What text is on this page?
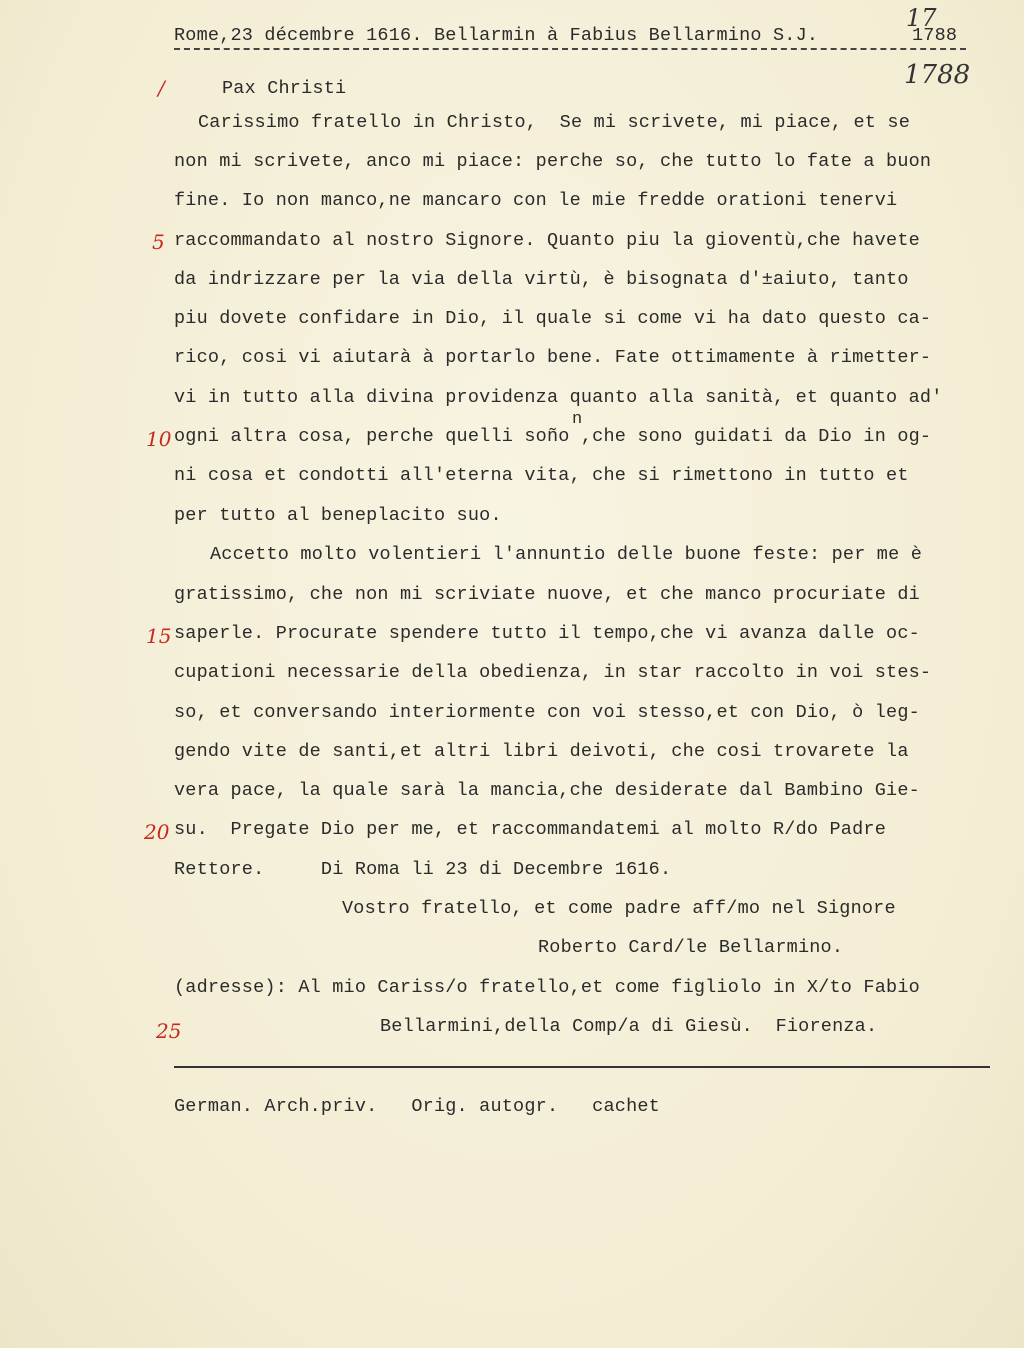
Rome,23 décembre 1616. Bellarmin à Fabius Bellarmino S.J.	1788
17
1788
/
5
10
15
20
25
Pax Christi
Carissimo fratello in Christo,  Se mi scrivete, mi piace, et se
non mi scrivete, anco mi piace: perche so, che tutto lo fate a buon
fine. Io non manco,ne mancaro con le mie fredde orationi tenervi
raccommandato al nostro Signore. Quanto piu la gioventù,che havete
da indrizzare per la via della virtù, è bisognata d'±aiuto, tanto
piu dovete confidare in Dio, il quale si come vi ha dato questo ca-
rico, cosi vi aiutarà à portarlo bene. Fate ottimamente à rimetter-
vi in tutto alla divina providenza quanto alla sanità, et quanto ad'
n
ogni altra cosa, perche quelli soño ,che sono guidati da Dio in og-
ni cosa et condotti all'eterna vita, che si rimettono in tutto et
per tutto al beneplacito suo.
Accetto molto volentieri l'annuntio delle buone feste: per me è
gratissimo, che non mi scriviate nuove, et che manco procuriate di
saperle. Procurate spendere tutto il tempo,che vi avanza dalle oc-
cupationi necessarie della obedienza, in star raccolto in voi stes-
so, et conversando interiormente con voi stesso,et con Dio, ò leg-
gendo vite de santi,et altri libri deivoti, che cosi trovarete la
vera pace, la quale sarà la mancia,che desiderate dal Bambino Gie-
su.  Pregate Dio per me, et raccommandatemi al molto R/do Padre
Rettore.     Di Roma li 23 di Decembre 1616.
Vostro fratello, et come padre aff/mo nel Signore
Roberto Card/le Bellarmino.
(adresse): Al mio Cariss/o fratello,et come figliolo in X/to Fabio
Bellarmini,della Comp/a di Giesù.  Fiorenza.
German. Arch.priv.   Orig. autogr.   cachet
